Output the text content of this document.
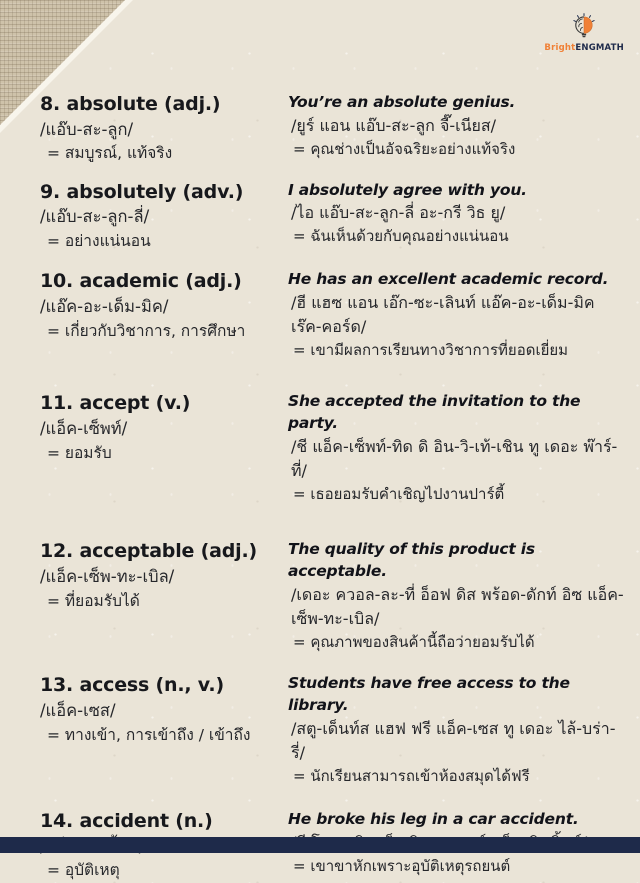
BrightENGMATH
8. absolute (adj.)
/แอ๊บ-สะ-ลูก/
= สมบูรณ์, แท้จริง
You’re an absolute genius.
/ยูร์ แอน แอ๊บ-สะ-ลูก จี๊-เนียส/
= คุณช่างเป็นอัจฉริยะอย่างแท้จริง
9. absolutely (adv.)
/แอ๊บ-สะ-ลูก-ลี่/
= อย่างแน่นอน
I absolutely agree with you.
/ไอ แอ๊บ-สะ-ลูก-ลี่ อะ-กรี วิธ ยู/
= ฉันเห็นด้วยกับคุณอย่างแน่นอน
10. academic (adj.)
/แอ๊ค-อะ-เด็ม-มิค/
= เกี่ยวกับวิชาการ, การศึกษา
He has an excellent academic record.
/ฮี แฮซ แอน เอ๊ก-ซะ-เลินท์ แอ๊ค-อะ-เด็ม-มิค เร๊ค-คอร์ด/
= เขามีผลการเรียนทางวิชาการที่ยอดเยี่ยม
11. accept (v.)
/แอ็ค-เซ็พท์/
= ยอมรับ
She accepted the invitation to the party.
/ชี แอ็ค-เซ็พท์-ทิด ดิ อิน-วิ-เท้-เชิน ทู เดอะ พ๊าร์-ที่/
= เธอยอมรับคำเชิญไปงานปาร์ตี้
12. acceptable (adj.)
/แอ็ค-เซ็พ-ทะ-เบิล/
= ที่ยอมรับได้
The quality of this product is acceptable.
/เดอะ ควอล-ละ-ที่ อ็อฟ ดิส พร้อด-ดักท์ อิซ แอ็ค-เซ็พ-ทะ-เบิล/
= คุณภาพของสินค้านี้ถือว่ายอมรับได้
13. access (n., v.)
/แอ็ค-เซส/
= ทางเข้า, การเข้าถึง / เข้าถึง
Students have free access to the library.
/สตู-เด็นท์ส แฮฟ ฟรี แอ็ค-เซส ทู เดอะ ไล้-บร่า-รี่/
= นักเรียนสามารถเข้าห้องสมุดได้ฟรี
14. accident (n.)
= อุบัติเหตุ
He broke his leg in a car accident.
= เขาขาหักเพราะอุบัติเหตุรถยนต์
